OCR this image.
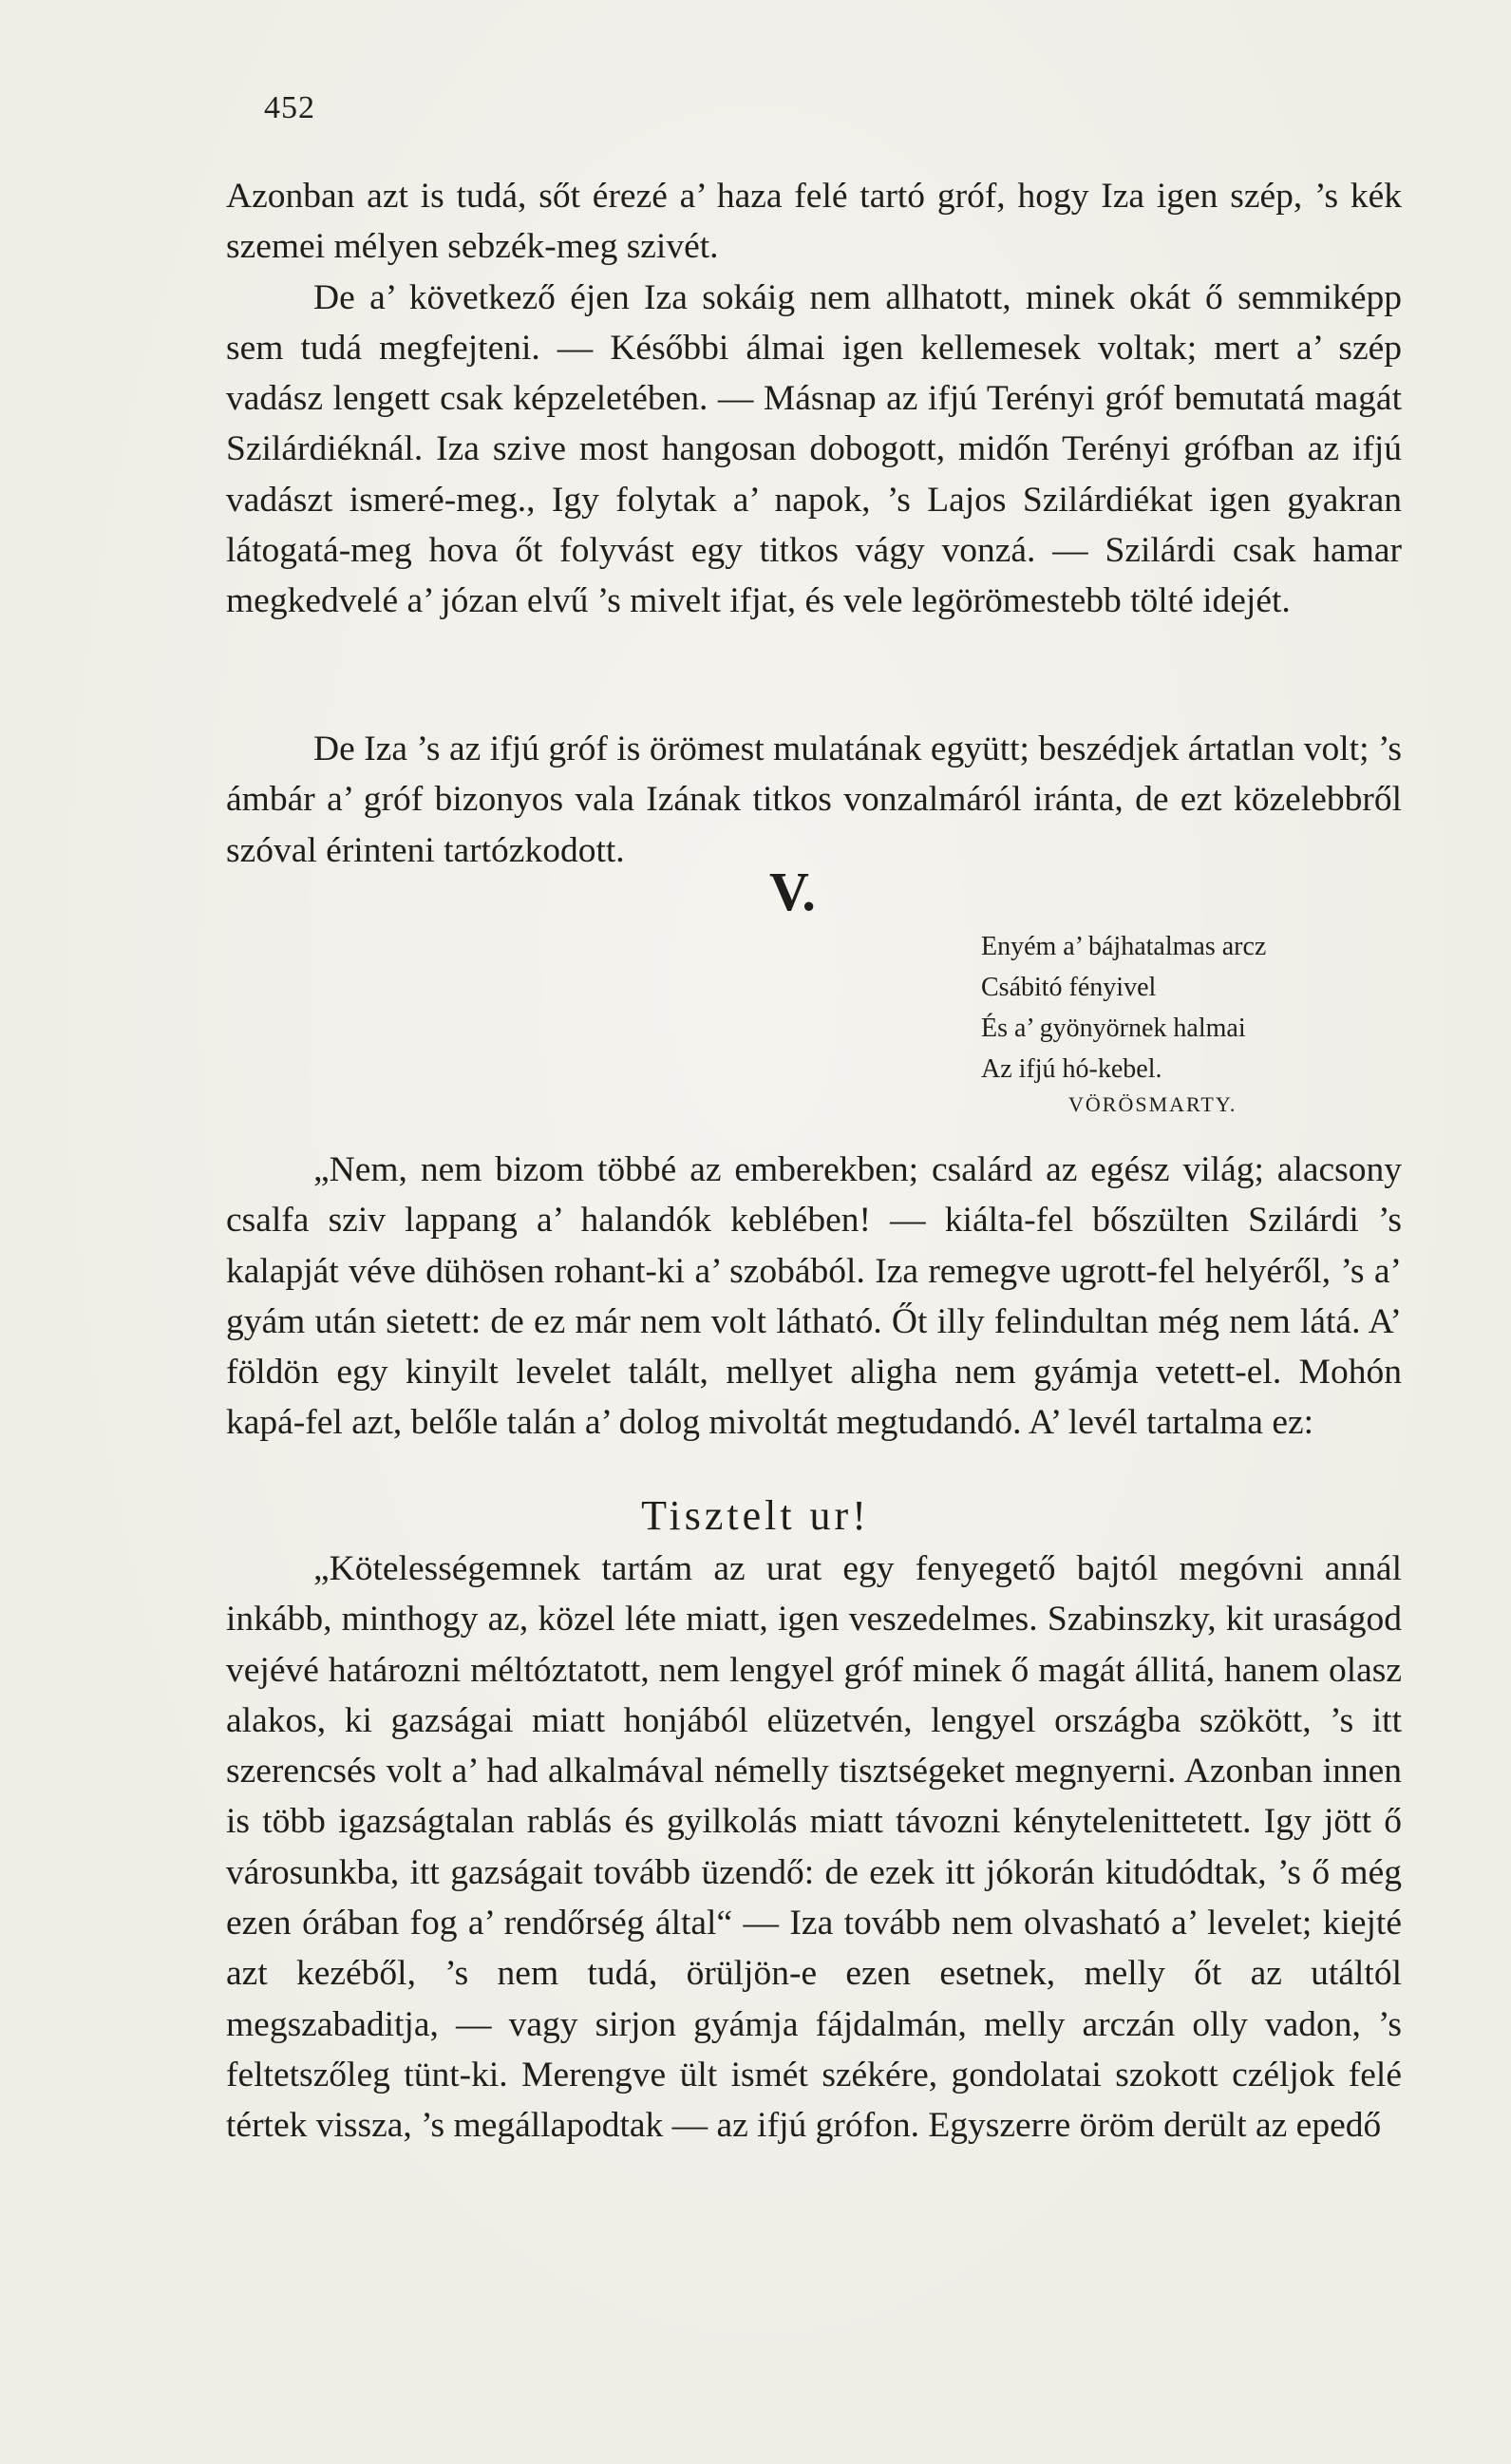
452

Azonban azt is tudá, sőt érezé a’ haza felé tartó gróf, hogy Iza igen szép, ’s kék szemei mélyen sebzék-meg szivét.

De a’ következő éjen Iza sokáig nem allhatott, minek okát ő semmiképp sem tudá megfejteni. — Későbbi álmai igen kellemesek voltak; mert a’ szép vadász lengett csak képzeletében. — Másnap az ifjú Terényi gróf bemutatá magát Szilárdiéknál. Iza szive most hangosan dobogott, midőn Terényi grófban az ifjú vadászt ismeré-meg., Igy folytak a’ napok, ’s Lajos Szilárdiékat igen gyakran látogatá-meg hova őt folyvást egy titkos vágy vonzá. — Szilárdi csak hamar megkedvelé a’ józan elvű ’s mivelt ifjat, és vele legörömestebb tölté idejét.

De Iza ’s az ifjú gróf is örömest mulatának együtt; beszédjek ártatlan volt; ’s ámbár a’ gróf bizonyos vala Izának titkos vonzalmáról iránta, de ezt közelebbről szóval érinteni tartózkodott.

V.
Enyém a’ bájhatalmas arcz
Csábitó fényivel
És a’ gyönyörnek halmai
Az ifjú hó-kebel.
VÖRÖSMARTY.

„Nem, nem bizom többé az emberekben; csalárd az egész világ; alacsony csalfa sziv lappang a’ halandók keblében! — kiálta-fel bőszülten Szilárdi ’s kalapját véve dühösen rohant-ki a’ szobából. Iza remegve ugrott-fel helyéről, ’s a’ gyám után sietett: de ez már nem volt látható. Őt illy felindultan még nem látá. A’ földön egy kinyilt levelet talált, mellyet aligha nem gyámja vetett-el. Mohón kapá-fel azt, belőle talán a’ dolog mivoltát megtudandó. A’ levél tartalma ez:

Tisztelt ur!

„Kötelességemnek tartám az urat egy fenyegető bajtól megóvni annál inkább, minthogy az, közel léte miatt, igen veszedelmes. Szabinszky, kit uraságod vejévé határozni méltóztatott, nem lengyel gróf minek ő magát állitá, hanem olasz alakos, ki gazságai miatt honjából elüzetvén, lengyel országba szökött, ’s itt szerencsés volt a’ had alkalmával némelly tisztségeket megnyerni. Azonban innen is több igazságtalan rablás és gyilkolás miatt távozni kénytelenittetett. Igy jött ő városunkba, itt gazságait tovább üzendő: de ezek itt jókorán kitudódtak, ’s ő még ezen órában fog a’ rendőrség által“ — Iza tovább nem olvasható a’ levelet; kiejté azt kezéből, ’s nem tudá, örüljön-e ezen esetnek, melly őt az utáltól megszabaditja, — vagy sirjon gyámja fájdalmán, melly arczán olly vadon, ’s feltetszőleg tünt-ki. Merengve ült ismét székére, gondolatai szokott czéljok felé tértek vissza, ’s megállapodtak — az ifjú grófon. Egyszerre öröm derült az epedő
